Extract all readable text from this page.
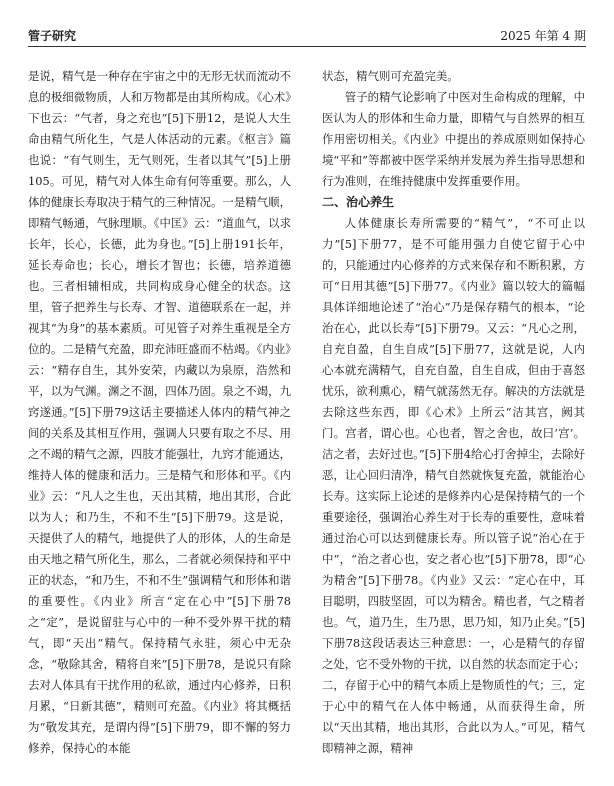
管子研究	2025 年第 4 期

是说，精气是一种存在宇宙之中的无形无状而流动不息的极细微物质，人和万物都是由其所构成。《心术》下也云：“气者，身之充也”[5]下册12，是说人大生命由精气所化生，气是人体活动的元素。《枢言》篇也说：“有气则生，无气则死，生者以其气”[5]上册105。可见，精气对人体生命有何等重要。那么，人体的健康长寿取决于精气的三种情况。一是精气顺，即精气畅通，气脉理顺。《中匡》云：“道血气，以求长年，长心，长德，此为身也。”[5]上册191长年，延长寿命也；长心，增长才智也；长德，培养道德也。三者相辅相成，共同构成身心健全的状态。这里，管子把养生与长寿、才智、道德联系在一起，并视其“为身”的基本素质。可见管子对养生重视是全方位的。二是精气充盈，即充沛旺盛而不枯竭。《内业》云：“精存自生，其外安荣，内藏以为泉原，浩然和平，以为气渊。渊之不涸，四体乃固。泉之不竭，九窍遂通。”[5]下册79这话主要描述人体内的精气神之间的关系及其相互作用，强调人只要有取之不尽、用之不竭的精气之源，四肢才能强壮，九窍才能通达，维持人体的健康和活力。三是精气和形体和平。《内业》云：“凡人之生也，天出其精，地出其形，合此以为人；和乃生，不和不生”[5]下册79。这是说，天提供了人的精气，地提供了人的形体，人的生命是由天地之精气所化生，那么，二者就必须保持和平中正的状态，“和乃生，不和不生”强调精气和形体和谐的重要性。《内业》所言“定在心中”[5]下册78之“定”，是说留驻与心中的一种不受外界干扰的精气，即“天出”精气。保持精气永驻，须心中无杂念，“敬除其舍，精将自来”[5]下册78，是说只有除去对人体具有干扰作用的私欲，通过内心修养，日积月累，“日新其德”，精则可充盈。《内业》将其概括为“敬发其充，是谓内得”[5]下册79，即不懈的努力修养，保持心的本能

状态，精气则可充盈完美。

管子的精气论影响了中医对生命构成的理解，中医认为人的形体和生命力量，即精气与自然界的相互作用密切相关。《内业》中提出的养成原则如保持心境“平和”等都被中医学采纳并发展为养生指导思想和行为准则，在维持健康中发挥重要作用。

二、治心养生

人体健康长寿所需要的“精气”，“不可止以力”[5]下册77，是不可能用强力自使它留于心中的，只能通过内心修养的方式来保存和不断积累，方可“日用其德”[5]下册77。《内业》篇以较大的篇幅具体详细地论述了“治心”乃是保存精气的根本，“论治在心，此以长寿”[5]下册79。又云：“凡心之刑，自充自盈，自生自成”[5]下册77，这就是说，人内心本就充满精气，自充自盈，自生自成，但由于喜怒忧乐，欲利熏心，精气就荡然无存。解决的方法就是去除这些东西，即《心术》上所云“洁其宫，阙其门。宫者，谓心也。心也者，智之舍也，故曰‘宫’。洁之者，去好过也。”[5]下册4给心打舍掉尘，去除好恶，让心回归清净，精气自然就恢复充盈，就能治心长寿。这实际上论述的是修养内心是保持精气的一个重要途径，强调治心养生对于长寿的重要性，意味着通过治心可以达到健康长寿。所以管子说“治心在于中”，“治之者心也，安之者心也”[5]下册78，即“心为精舍”[5]下册78。《内业》又云：“定心在中，耳目聪明，四肢坚固，可以为精舍。精也者，气之精者也。气，道乃生，生乃思，思乃知，知乃止矣。”[5]下册78这段话表达三种意思：一，心是精气的存留之处，它不受外物的干扰，以自然的状态而定于心；二，存留于心中的精气本质上是物质性的气；三，定于心中的精气在人体中畅通，从而获得生命，所以“天出其精，地出其形，合此以为人。”可见，精气即精神之源，精神
